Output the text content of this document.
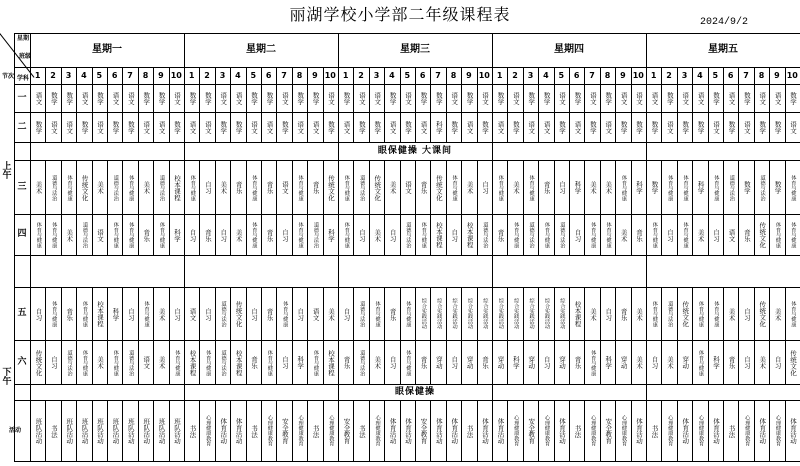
丽湖学校小学部二年级课程表	2024/9/2
星期
班级
节次 学科
星期一	星期二	星期三	星期四	星期五
1	2	3	4	5	6	7	8	9 10 1	2	3	4	5	6	7	8	9 10 1	2	3	4	5	6	7	8	9 10 1	2	3	4	5	6	7	8	9 10 1	2	3	4	5	6	7	8	9 10
上午
下午
眼保健操 大课间
眼保健操
一	语文	数学	数学	语文	数学	语文	语文	数学	数学	语文	数学	数学	语文	语文	数学	数学	语文	数学	数学	语文	数学	语文	语文	数学	语文	数学	数学	语文	数学	语文	数学	语文	数学	数学	语文	数学	语文	数学	语文	语文	语文	数学	语文	语文	数学	语文	数学	语文	语文	数学
二	数学	语文	语文	数学	语文	数学	数学	语文	语文	数学	语文	语文	数学	数学	语文	语文	数学	语文	语文	数学	语文	数学	数学	语文	数学	语文	科学	数学	语文	数学	语文	数学	语文	语文	数学	语文	数学	语文	数学	数学	数学	语文	数学	数学	语文	数学	语文	数学	数学	语文
三	美术	道德与法治	体育与健康	传统文化	美术	道德与法治	体育与健康	美术	道德与法治	校本课程	体育与健康	自习	美术	音乐	体育与健康	音乐	语文	体育与健康	音乐	传统文化	体育与健康	道德与法治	传统文化	美术	语文	音乐	传统文化	体育与健康	美术	自习	体育与健康	美术	体育与健康	音乐	自习	科学	美术	美术	体育与健康	科学	数学	体育与健康	体育与健康	科学	体育与健康	道德与法治	数学	道德与法治	数学	体育与健康
四	体育与健康	体育与健康	美术	道德与法治	语文	体育与健康	体育与健康	音乐	体育与健康	科学	自习	音乐	自习	美术	体育与健康	音乐	自习	体育与健康	道德与法治	科学	体育与健康	自习	美术	自习	道德与法治	体育与健康	校本课程	自习	校本课程	道德与法治	音乐	体育与健康	道德与法治	体育与健康	道德与法治	自习	体育与健康	体育与健康	美术	音乐	体育与健康	自习	体育与健康	美术	自习	语文	音乐	传统文化	体育与健康	体育与健康
五	自习	体育与健康	音乐	体育与健康	校本课程	科学	自习	体育与健康	美术	自习	语文	自习	道德与法治	传统文化	自习	音乐	体育与健康	自习	语文	美术	自习	道德与法治	体育与健康	音乐	体育与健康	综合实践活动	综合实践活动	综合实践活动	综合实践活动	综合实践活动	综合实践活动	综合实践活动	综合实践活动	综合实践活动	综合实践活动	校本课程	美术	自习	音乐	美术	体育与健康	道德与法治	传统文化	体育与健康	体育与健康	美术	自习	传统文化	美术	体育与健康
六	传统文化	自习	道德与法治	体育与健康	美术	体育与健康	道德与法治	语文	美术	体育与健康	校本课程	体育与健康	道德与法治	校本课程	音乐	体育与健康	自习	科学	体育与健康	校本课程	音乐	道德与法治	美术	自习	体育与健康	音乐	穿动	自习	穿动	音乐	穿动	科学	穿动	自习	穿动	音乐	体育与健康	科学	穿动	美术	自习	美术	穿动	体育与健康	科学	音乐	自习	美术	自习	传统文化
活动	班队活动	书法	班队活动	班队活动	班队活动	班队活动	班队活动	班队活动	班队活动	班队活动	书法	心理健康教育	体育活动	体育活动	书法	心理健康教育	安全教育	心理健康教育	书法	心理健康教育	安全教育	书法	心理健康教育	体育活动	体育活动	安全教育	体育活动	体育活动	书法	体育活动	体育活动	心理健康教育	安全教育	心理健康教育	体育活动	书法	心理健康教育	安全教育	心理健康教育	体育活动	书法	心理健康教育	体育活动	心理健康教育	体育活动	书法	心理健康教育	体育活动	心理健康教育	体育活动
